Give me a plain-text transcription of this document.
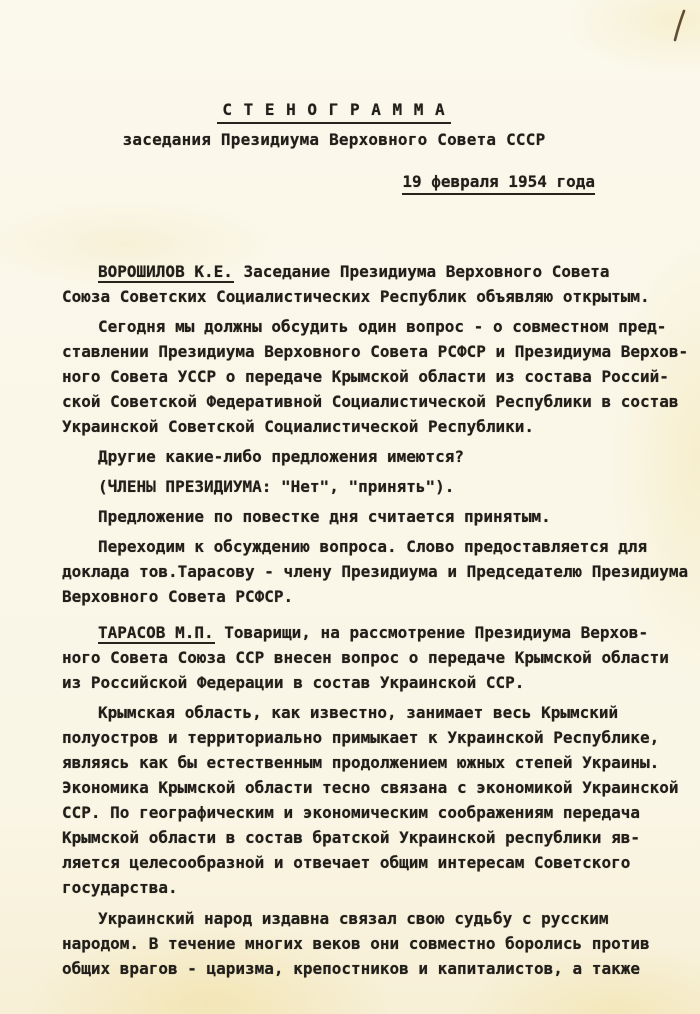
С Т Е Н О Г Р А М М А
заседания Президиума Верховного Совета СССР
19 февраля 1954 года
ВОРОШИЛОВ К.Е. Заседание Президиума Верховного Совета
Союза Советских Социалистических Республик объявляю открытым.
Сегодня мы должны обсудить один вопрос - о совместном пред-
ставлении Президиума Верховного Совета РСФСР и Президиума Верхов-
ного Совета УССР о передаче Крымской области из состава Россий-
ской Советской Федеративной Социалистической Республики в состав
Украинской Советской Социалистической Республики.
Другие какие-либо предложения имеются?
(ЧЛЕНЫ ПРЕЗИДИУМА: "Нет", "принять").
Предложение по повестке дня считается принятым.
Переходим к обсуждению вопроса. Слово предоставляется для
доклада тов.Тарасову - члену Президиума и Председателю Президиума
Верховного Совета РСФСР.
ТАРАСОВ М.П. Товарищи, на рассмотрение Президиума Верхов-
ного Совета Союза ССР внесен вопрос о передаче Крымской области
из Российской Федерации в состав Украинской ССР.
Крымская область, как известно, занимает весь Крымский
полуостров и территориально примыкает к Украинской Республике,
являясь как бы естественным продолжением южных степей Украины.
Экономика Крымской области тесно связана с экономикой Украинской
ССР. По географическим и экономическим соображениям передача
Крымской области в состав братской Украинской республики яв-
ляется целесообразной и отвечает общим интересам Советского
государства.
Украинский народ издавна связал свою судьбу с русским
народом. В течение многих веков они совместно боролись против
общих врагов - царизма, крепостников и капиталистов, а также
